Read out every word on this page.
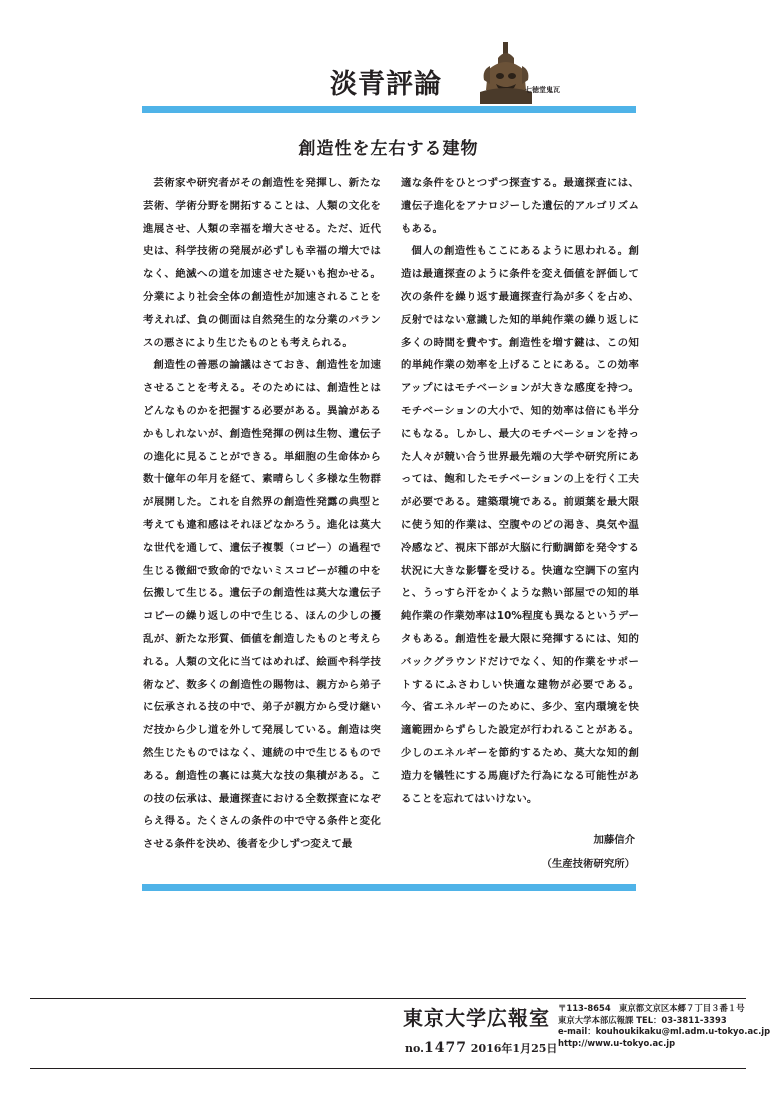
淡青評論	七徳堂鬼瓦
創造性を左右する建物

芸術家や研究者がその創造性を発揮し、新たな芸術、学術分野を開拓することは、人類の文化を進展させ、人類の幸福を増大させる。ただ、近代史は、科学技術の発展が必ずしも幸福の増大ではなく、絶滅への道を加速させた疑いも抱かせる。分業により社会全体の創造性が加速されることを考えれば、負の側面は自然発生的な分業のバランスの悪さにより生じたものとも考えられる。

創造性の善悪の論議はさておき、創造性を加速させることを考える。そのためには、創造性とはどんなものかを把握する必要がある。異論があるかもしれないが、創造性発揮の例は生物、遺伝子の進化に見ることができる。単細胞の生命体から数十億年の年月を経て、素晴らしく多様な生物群が展開した。これを自然界の創造性発露の典型と考えても違和感はそれほどなかろう。進化は莫大な世代を通して、遺伝子複製（コピー）の過程で生じる微細で致命的でないミスコピーが種の中を伝搬して生じる。遺伝子の創造性は莫大な遺伝子コピーの繰り返しの中で生じる、ほんの少しの擾乱が、新たな形質、価値を創造したものと考えられる。人類の文化に当てはめれば、絵画や科学技術など、数多くの創造性の賜物は、親方から弟子に伝承される技の中で、弟子が親方から受け継いだ技から少し道を外して発展している。創造は突然生じたものではなく、連続の中で生じるものである。創造性の裏には莫大な技の集積がある。この技の伝承は、最適探査における全数探査になぞらえ得る。たくさんの条件の中で守る条件と変化させる条件を決め、後者を少しずつ変えて最

適な条件をひとつずつ探査する。最適探査には、遺伝子進化をアナロジーした遺伝的アルゴリズムもある。

個人の創造性もここにあるように思われる。創造は最適探査のように条件を変え価値を評価して次の条件を繰り返す最適探査行為が多くを占め、反射ではない意識した知的単純作業の繰り返しに多くの時間を費やす。創造性を増す鍵は、この知的単純作業の効率を上げることにある。この効率アップにはモチベーションが大きな感度を持つ。モチベーションの大小で、知的効率は倍にも半分にもなる。しかし、最大のモチベーションを持った人々が競い合う世界最先端の大学や研究所にあっては、飽和したモチベーションの上を行く工夫が必要である。建築環境である。前頭葉を最大限に使う知的作業は、空腹やのどの渇き、臭気や温冷感など、視床下部が大脳に行動調節を発令する状況に大きな影響を受ける。快適な空調下の室内と、うっすら汗をかくような熱い部屋での知的単純作業の作業効率は10%程度も異なるというデータもある。創造性を最大限に発揮するには、知的バックグラウンドだけでなく、知的作業をサポートするにふさわしい快適な建物が必要である。今、省エネルギーのために、多少、室内環境を快適範囲からずらした設定が行われることがある。少しのエネルギーを節約するため、莫大な知的創造力を犠牲にする馬鹿げた行為になる可能性があることを忘れてはいけない。

加藤信介
（生産技術研究所）
東京大学広報室
no.1477 2016年1月25日
〒113-8654　東京都文京区本郷７丁目３番１号
東京大学本部広報課 TEL：03-3811-3393
e-mail：kouhoukikaku@ml.adm.u-tokyo.ac.jp
http://www.u-tokyo.ac.jp
